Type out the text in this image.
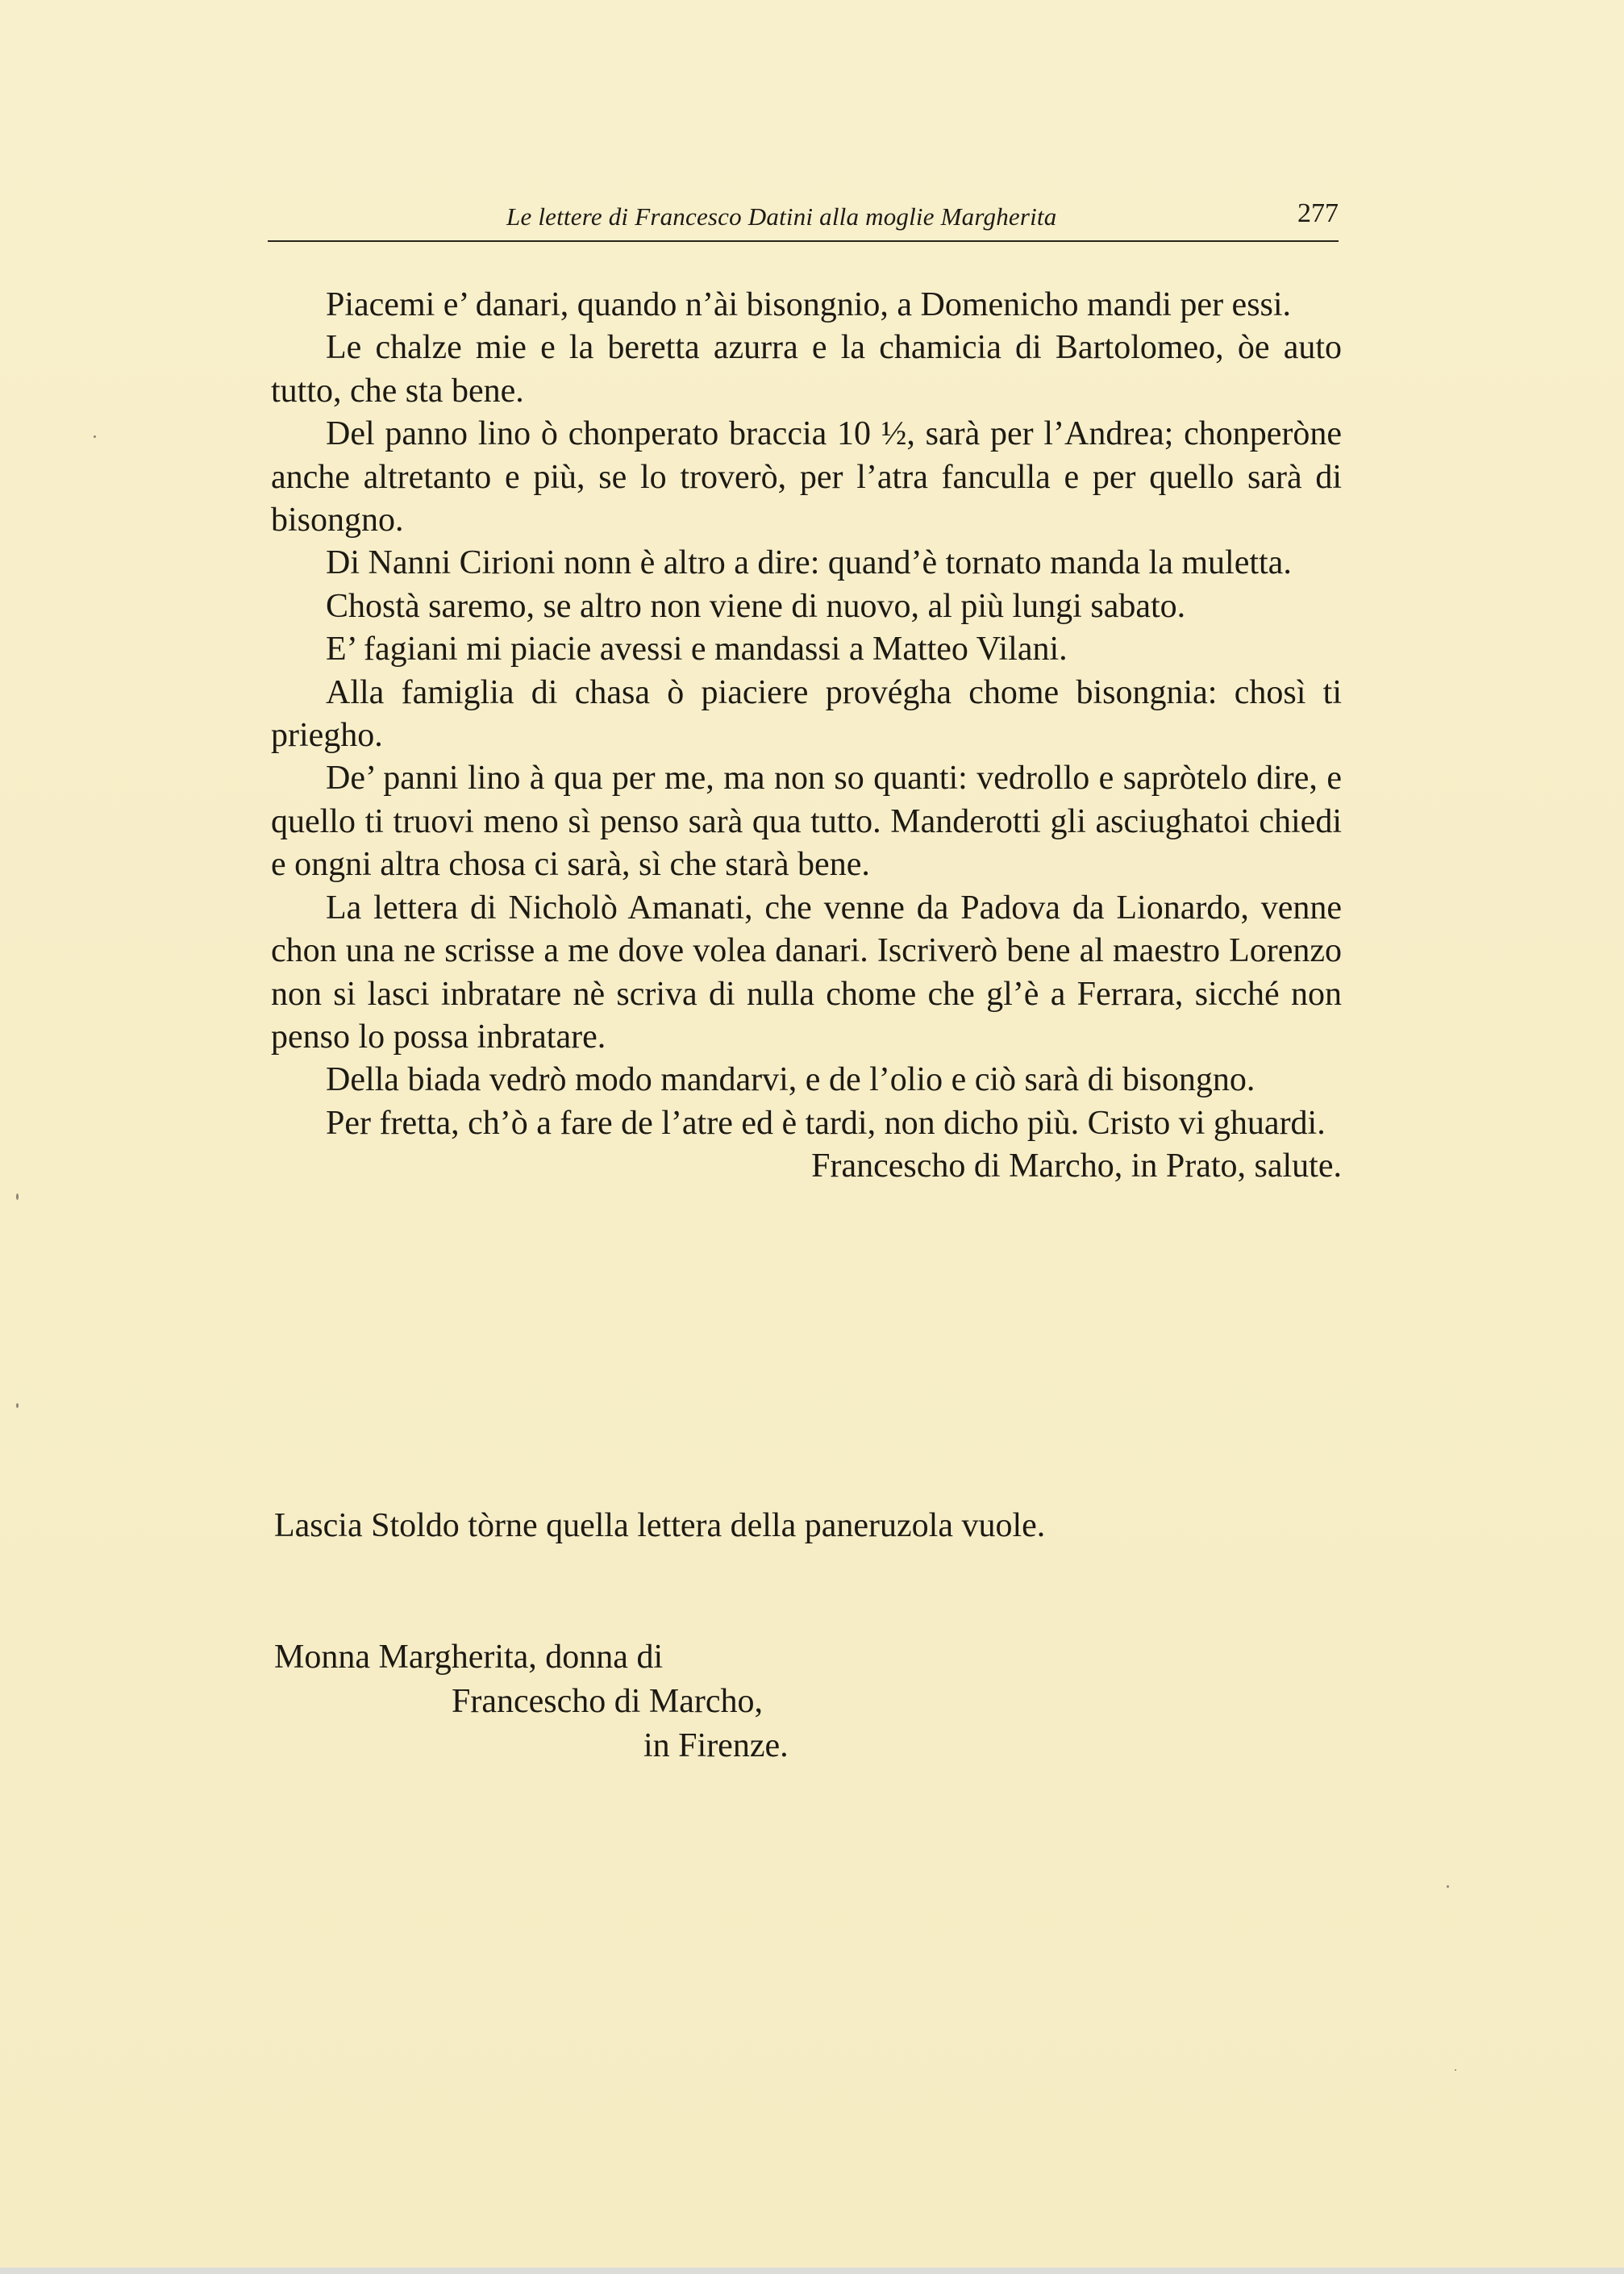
Le lettere di Francesco Datini alla moglie Margherita	277

Piacemi e’ danari, quando n’ài bisongnio, a Domenicho mandi per essi.

Le chalze mie e la beretta azurra e la chamicia di Bartolomeo, òe auto tutto, che sta bene.

Del panno lino ò chonperato braccia 10 ½, sarà per l’Andrea; chonperòne anche altretanto e più, se lo troverò, per l’atra fanculla e per quello sarà di bisongno.

Di Nanni Cirioni nonn è altro a dire: quand’è tornato manda la muletta.

Chostà saremo, se altro non viene di nuovo, al più lungi sabato.

E’ fagiani mi piacie avessi e mandassi a Matteo Vilani.

Alla famiglia di chasa ò piaciere provégha chome bisongnia: chosì ti priegho.

De’ panni lino à qua per me, ma non so quanti: vedrollo e sapròtelo dire, e quello ti truovi meno sì penso sarà qua tutto. Manderotti gli asciughatoi chiedi e ongni altra chosa ci sarà, sì che starà bene.

La lettera di Nicholò Amanati, che venne da Padova da Lionardo, venne chon una ne scrisse a me dove volea danari. Iscriverò bene al maestro Lorenzo non si lasci inbratare nè scriva di nulla chome che gl’è a Ferrara, sicché non penso lo possa inbratare.

Della biada vedrò modo mandarvi, e de l’olio e ciò sarà di bisongno.

Per fretta, ch’ò a fare de l’atre ed è tardi, non dicho più. Cristo vi ghuardi.

Francescho di Marcho, in Prato, salute.

Lascia Stoldo tòrne quella lettera della paneruzola vuole.
Monna Margherita, donna di
Francescho di Marcho,
in Firenze.
